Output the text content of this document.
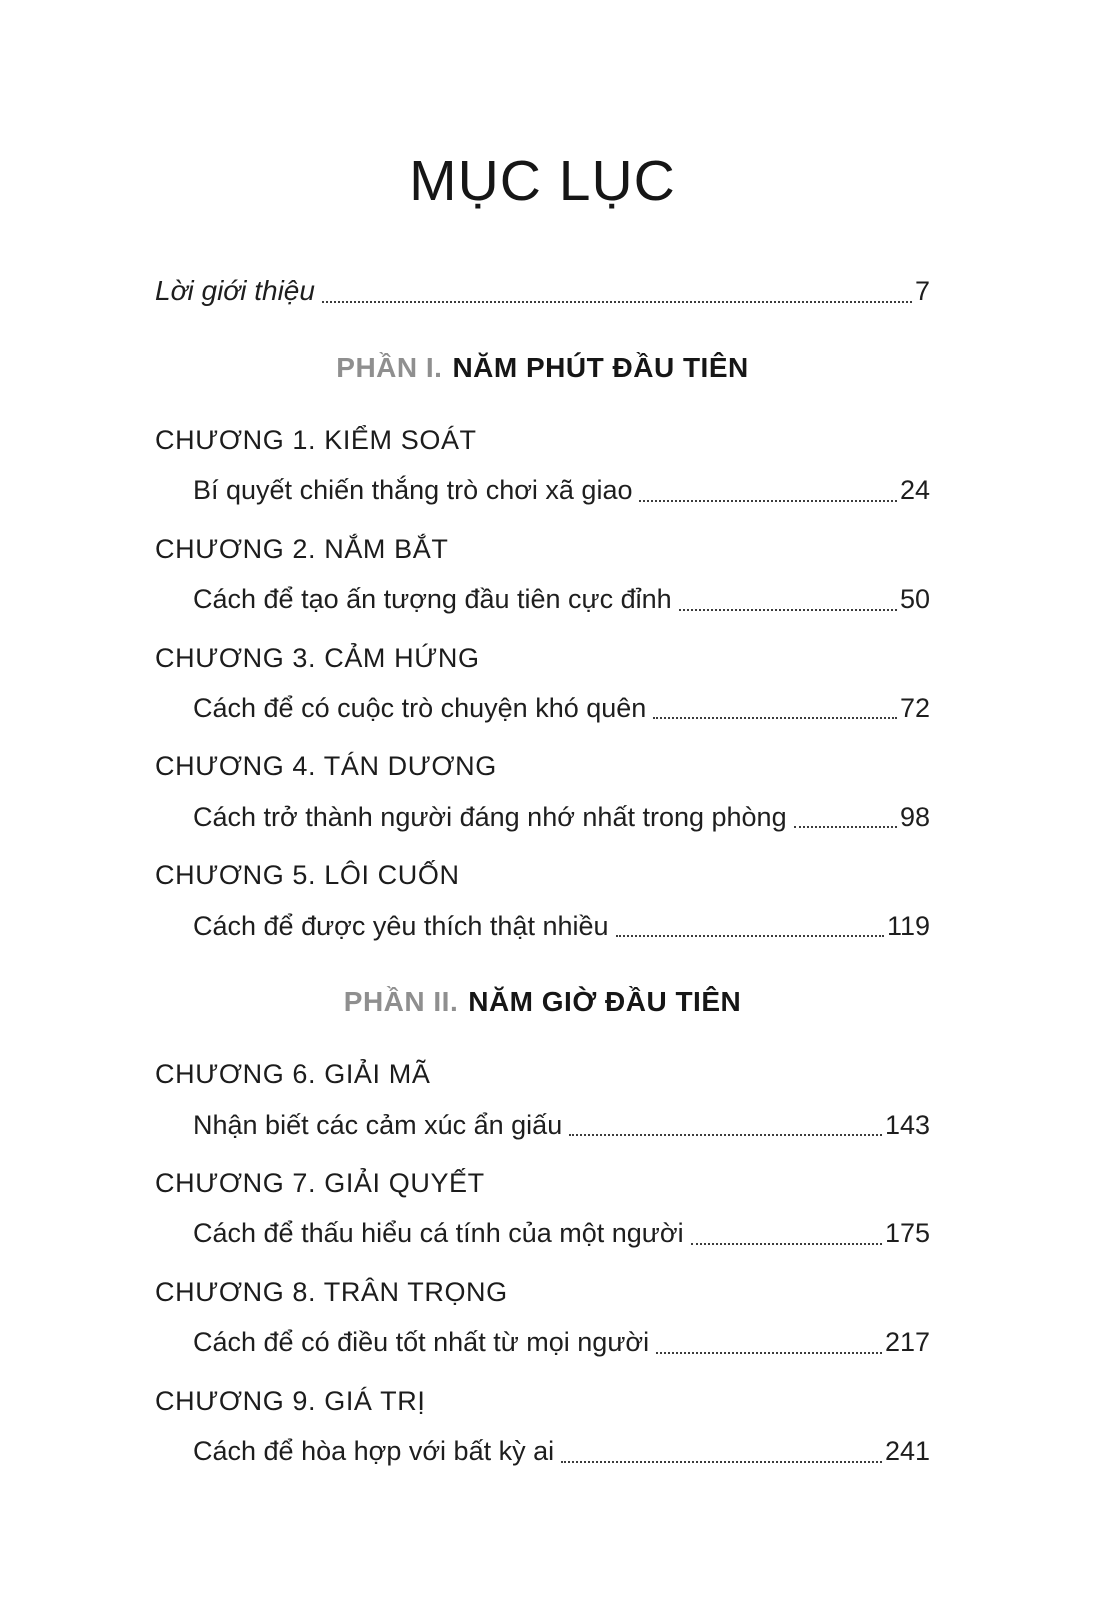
MỤC LỤC
Lời giới thiệu	7
PHẦN I. NĂM PHÚT ĐẦU TIÊN
CHƯƠNG 1. KIỂM SOÁT
Bí quyết chiến thắng trò chơi xã giao	24
CHƯƠNG 2. NẮM BẮT
Cách để tạo ấn tượng đầu tiên cực đỉnh	50
CHƯƠNG 3. CẢM HỨNG
Cách để có cuộc trò chuyện khó quên	72
CHƯƠNG 4. TÁN DƯƠNG
Cách trở thành người đáng nhớ nhất trong phòng	98
CHƯƠNG 5. LÔI CUỐN
Cách để được yêu thích thật nhiều	119
PHẦN II. NĂM GIỜ ĐẦU TIÊN
CHƯƠNG 6. GIẢI MÃ
Nhận biết các cảm xúc ẩn giấu	143
CHƯƠNG 7. GIẢI QUYẾT
Cách để thấu hiểu cá tính của một người	175
CHƯƠNG 8. TRÂN TRỌNG
Cách để có điều tốt nhất từ mọi người	217
CHƯƠNG 9. GIÁ TRỊ
Cách để hòa hợp với bất kỳ ai	241
